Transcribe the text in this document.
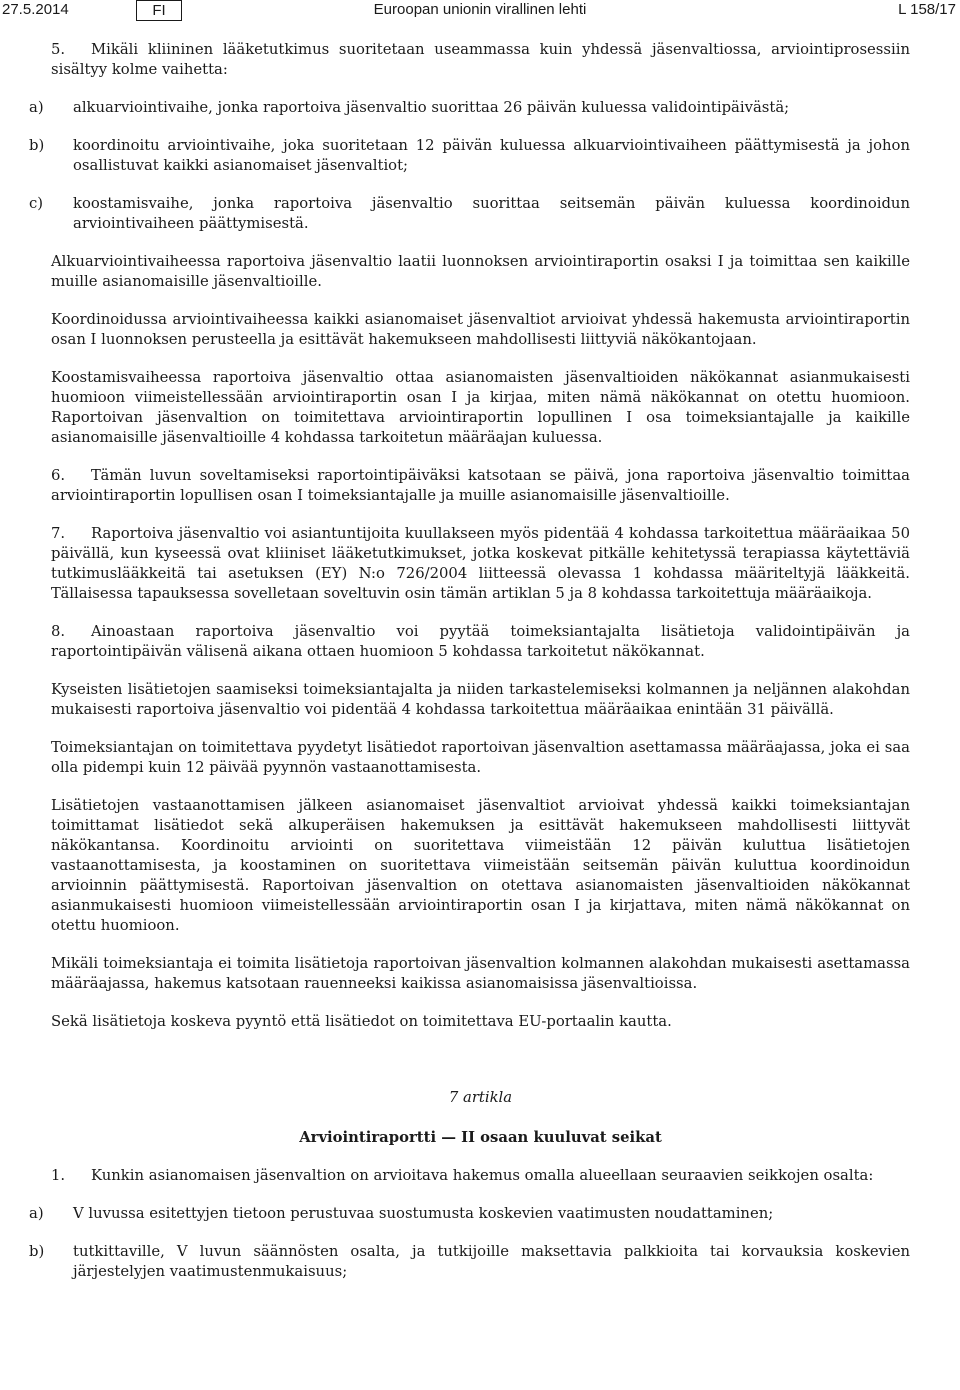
27.5.2014	Euroopan unionin virallinen lehti
FI	L 158/17

5. Mikäli kliininen lääketutkimus suoritetaan useammassa kuin yhdessä jäsenvaltiossa, arviointiprosessiin sisältyy kolme vaihetta:

a) alkuarviointivaihe, jonka raportoiva jäsenvaltio suorittaa 26 päivän kuluessa validointipäivästä;

b) koordinoitu arviointivaihe, joka suoritetaan 12 päivän kuluessa alkuarviointivaiheen päättymisestä ja johon osallistuvat kaikki asianomaiset jäsenvaltiot;

c) koostamisvaihe, jonka raportoiva jäsenvaltio suorittaa seitsemän päivän kuluessa koordinoidun arviointivaiheen päättymisestä.

Alkuarviointivaiheessa raportoiva jäsenvaltio laatii luonnoksen arviointiraportin osaksi I ja toimittaa sen kaikille muille asianomaisille jäsenvaltioille.

Koordinoidussa arviointivaiheessa kaikki asianomaiset jäsenvaltiot arvioivat yhdessä hakemusta arviointiraportin osan I luonnoksen perusteella ja esittävät hakemukseen mahdollisesti liittyviä näkökantojaan.

Koostamisvaiheessa raportoiva jäsenvaltio ottaa asianomaisten jäsenvaltioiden näkökannat asianmukaisesti huomioon viimeistellessään arviointiraportin osan I ja kirjaa, miten nämä näkökannat on otettu huomioon. Raportoivan jäsenvaltion on toimitettava arviointiraportin lopullinen I osa toimeksiantajalle ja kaikille asianomaisille jäsenvaltioille 4 kohdassa tarkoitetun määräajan kuluessa.

6. Tämän luvun soveltamiseksi raportointipäiväksi katsotaan se päivä, jona raportoiva jäsenvaltio toimittaa arviointiraportin lopullisen osan I toimeksiantajalle ja muille asianomaisille jäsenvaltioille.

7. Raportoiva jäsenvaltio voi asiantuntijoita kuullakseen myös pidentää 4 kohdassa tarkoitettua määräaikaa 50 päivällä, kun kyseessä ovat kliiniset lääketutkimukset, jotka koskevat pitkälle kehitetyssä terapiassa käytettäviä tutkimuslääkkeitä tai asetuksen (EY) N:o 726/2004 liitteessä olevassa 1 kohdassa määriteltyjä lääkkeitä. Tällaisessa tapauksessa sovelletaan soveltuvin osin tämän artiklan 5 ja 8 kohdassa tarkoitettuja määräaikoja.

8. Ainoastaan raportoiva jäsenvaltio voi pyytää toimeksiantajalta lisätietoja validointipäivän ja raportointipäivän välisenä aikana ottaen huomioon 5 kohdassa tarkoitetut näkökannat.

Kyseisten lisätietojen saamiseksi toimeksiantajalta ja niiden tarkastelemiseksi kolmannen ja neljännen alakohdan mukaisesti raportoiva jäsenvaltio voi pidentää 4 kohdassa tarkoitettua määräaikaa enintään 31 päivällä.

Toimeksiantajan on toimitettava pyydetyt lisätiedot raportoivan jäsenvaltion asettamassa määräajassa, joka ei saa olla pidempi kuin 12 päivää pyynnön vastaanottamisesta.

Lisätietojen vastaanottamisen jälkeen asianomaiset jäsenvaltiot arvioivat yhdessä kaikki toimeksiantajan toimittamat lisätiedot sekä alkuperäisen hakemuksen ja esittävät hakemukseen mahdollisesti liittyvät näkökantansa. Koordinoitu arviointi on suoritettava viimeistään 12 päivän kuluttua lisätietojen vastaanottamisesta, ja koostaminen on suoritettava viimeistään seitsemän päivän kuluttua koordinoidun arvioinnin päättymisestä. Raportoivan jäsenvaltion on otettava asianomaisten jäsenvaltioiden näkökannat asianmukaisesti huomioon viimeistellessään arviointiraportin osan I ja kirjattava, miten nämä näkökannat on otettu huomioon.

Mikäli toimeksiantaja ei toimita lisätietoja raportoivan jäsenvaltion kolmannen alakohdan mukaisesti asettamassa määräajassa, hakemus katsotaan rauenneeksi kaikissa asianomaisissa jäsenvaltioissa.

Sekä lisätietoja koskeva pyyntö että lisätiedot on toimitettava EU-portaalin kautta.

7 artikla

Arviointiraportti — II osaan kuuluvat seikat

1. Kunkin asianomaisen jäsenvaltion on arvioitava hakemus omalla alueellaan seuraavien seikkojen osalta:

a) V luvussa esitettyjen tietoon perustuvaa suostumusta koskevien vaatimusten noudattaminen;

b) tutkittaville, V luvun säännösten osalta, ja tutkijoille maksettavia palkkioita tai korvauksia koskevien järjestelyjen vaatimustenmukaisuus;
